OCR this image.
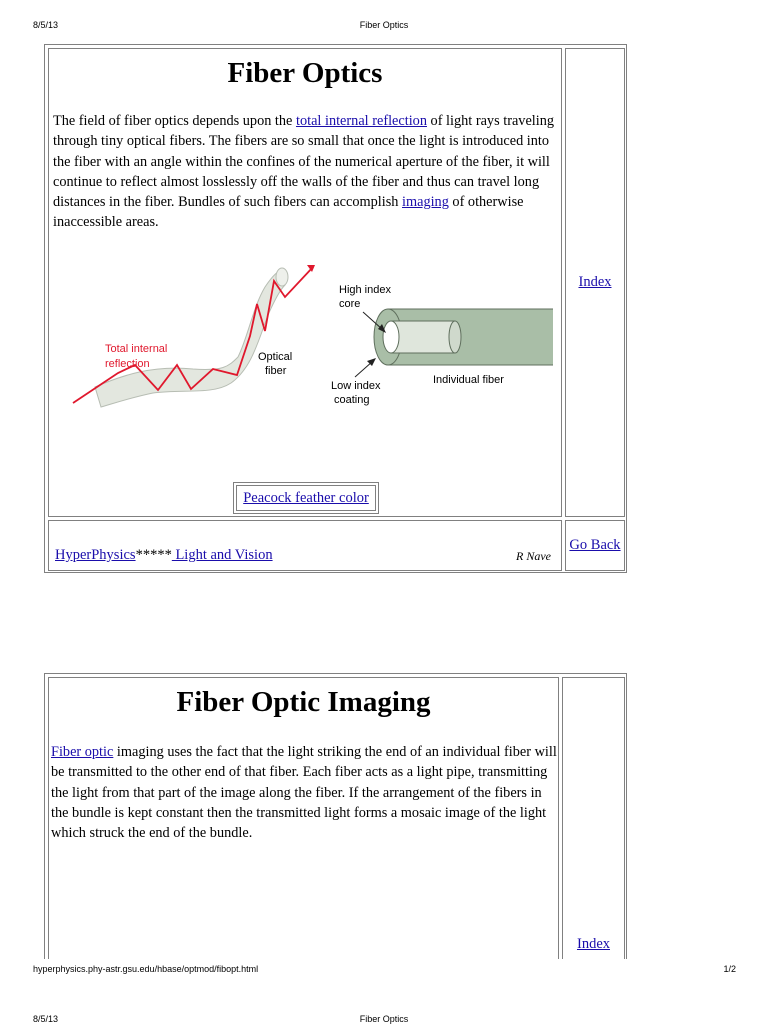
8/5/13	Fiber Optics
Fiber Optics

The field of fiber optics depends upon the total internal reflection of light rays traveling through tiny optical fibers. The fibers are so small that once the light is introduced into the fiber with an angle within the confines of the numerical aperture of the fiber, it will continue to reflect almost losslessly off the walls of the fiber and thus can travel long distances in the fiber. Bundles of such fibers can accomplish imaging of otherwise inaccessible areas.

Total internal
reflection
Optical
fiber
High index
core
Low index
coating
Individual fiber
Peacock feather color
Index
HyperPhysics***** Light and Vision	R Nave
Go Back
Fiber Optic Imaging

Fiber optic imaging uses the fact that the light striking the end of an individual fiber will be transmitted to the other end of that fiber. Each fiber acts as a light pipe, transmitting the light from that part of the image along the fiber. If the arrangement of the fibers in the bundle is kept constant then the transmitted light forms a mosaic image of the light which struck the end of the bundle.

Index
hyperphysics.phy-astr.gsu.edu/hbase/optmod/fibopt.html	1/2
8/5/13	Fiber Optics
